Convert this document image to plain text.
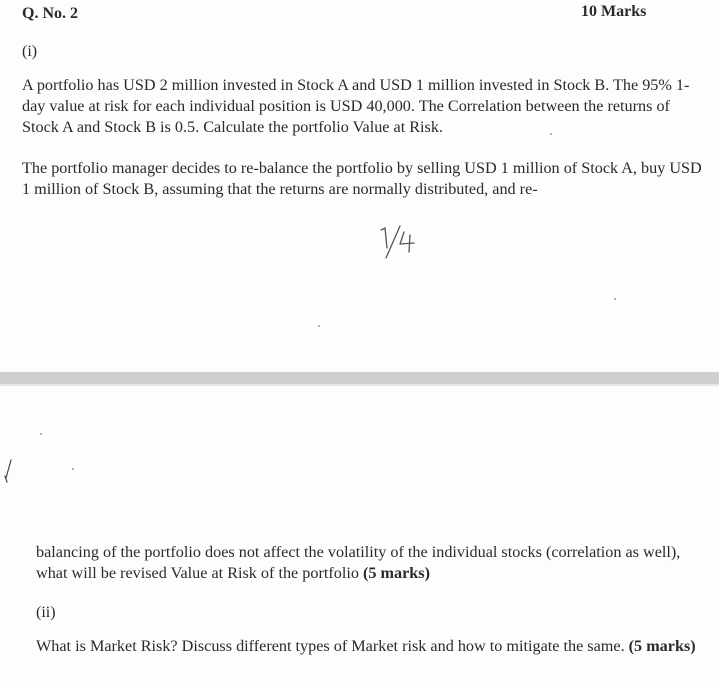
Q. No. 2	10 Marks
(i)

A portfolio has USD 2 million invested in Stock A and USD 1 million invested in Stock B. The 95% 1-day value at risk for each individual position is USD 40,000. The Correlation between the returns of Stock A and Stock B is 0.5. Calculate the portfolio Value at Risk.

The portfolio manager decides to re-balance the portfolio by selling USD 1 million of Stock A, buy USD 1 million of Stock B, assuming that the returns are normally distributed, and re-

balancing of the portfolio does not affect the volatility of the individual stocks (correlation as well), what will be revised Value at Risk of the portfolio (5 marks)

(ii)

What is Market Risk? Discuss different types of Market risk and how to mitigate the same. (5 marks)
